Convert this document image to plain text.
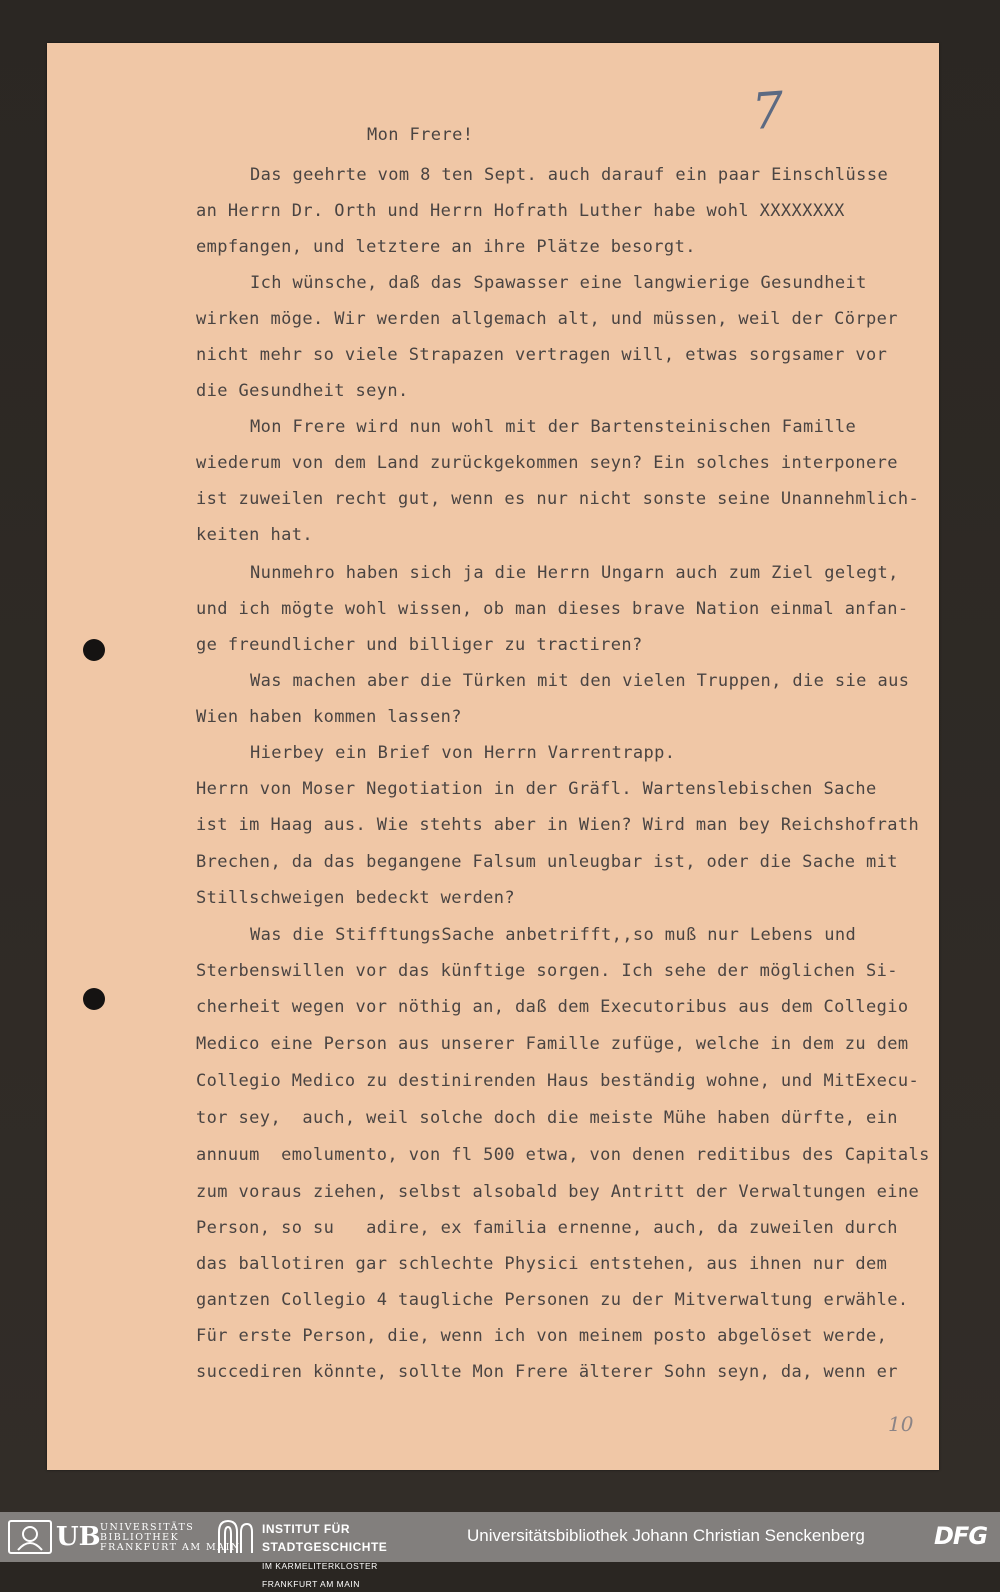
7

Mon Frere!

Das geehrte vom 8 ten Sept. auch darauf ein paar Einschlüsse

an Herrn Dr. Orth und Herrn Hofrath Luther habe wohl XXXXXXXX

empfangen, und letztere an ihre Plätze besorgt.

Ich wünsche, daß das Spawasser eine langwierige Gesundheit

wirken möge. Wir werden allgemach alt, und müssen, weil der Cörper

nicht mehr so viele Strapazen vertragen will, etwas sorgsamer vor

die Gesundheit seyn.

Mon Frere wird nun wohl mit der Bartensteinischen Famille

wiederum von dem Land zurückgekommen seyn? Ein solches interponere

ist zuweilen recht gut, wenn es nur nicht sonste seine Unannehmlich-

keiten hat.

Nunmehro haben sich ja die Herrn Ungarn auch zum Ziel gelegt,

und ich mögte wohl wissen, ob man dieses brave Nation einmal anfan-

ge freundlicher und billiger zu tractiren?

Was machen aber die Türken mit den vielen Truppen, die sie aus

Wien haben kommen lassen?

Hierbey ein Brief von Herrn Varrentrapp.

Herrn von Moser Negotiation in der Gräfl. Wartenslebischen Sache

ist im Haag aus. Wie stehts aber in Wien? Wird man bey Reichshofrath

Brechen, da das begangene Falsum unleugbar ist, oder die Sache mit

Stillschweigen bedeckt werden?

Was die StifftungsSache anbetrifft,,so muß nur Lebens und

Sterbenswillen vor das künftige sorgen. Ich sehe der möglichen Si-

cherheit wegen vor nöthig an, daß dem Executoribus aus dem Collegio

Medico eine Person aus unserer Famille zufüge, welche in dem zu dem

Collegio Medico zu destinirenden Haus beständig wohne, und MitExecu-

tor sey,  auch, weil solche doch die meiste Mühe haben dürfte, ein

annuum  emolumento, von fl 500 etwa, von denen reditibus des Capitals

zum voraus ziehen, selbst alsobald bey Antritt der Verwaltungen eine

Person, so su   adire, ex familia ernenne, auch, da zuweilen durch

das ballotiren gar schlechte Physici entstehen, aus ihnen nur dem

gantzen Collegio 4 taugliche Personen zu der Mitverwaltung erwähle.

Für erste Person, die, wenn ich von meinem posto abgelöset werde,

succediren könnte, sollte Mon Frere älterer Sohn seyn, da, wenn er

10
UB UNIVERSITÄTS
BIBLIOTHEK
FRANKFURT AM MAIN
INSTITUT FÜR
STADTGESCHICHTE
IM KARMELITERKLOSTER
FRANKFURT AM MAIN
Universitätsbibliothek Johann Christian Senckenberg	DFG
